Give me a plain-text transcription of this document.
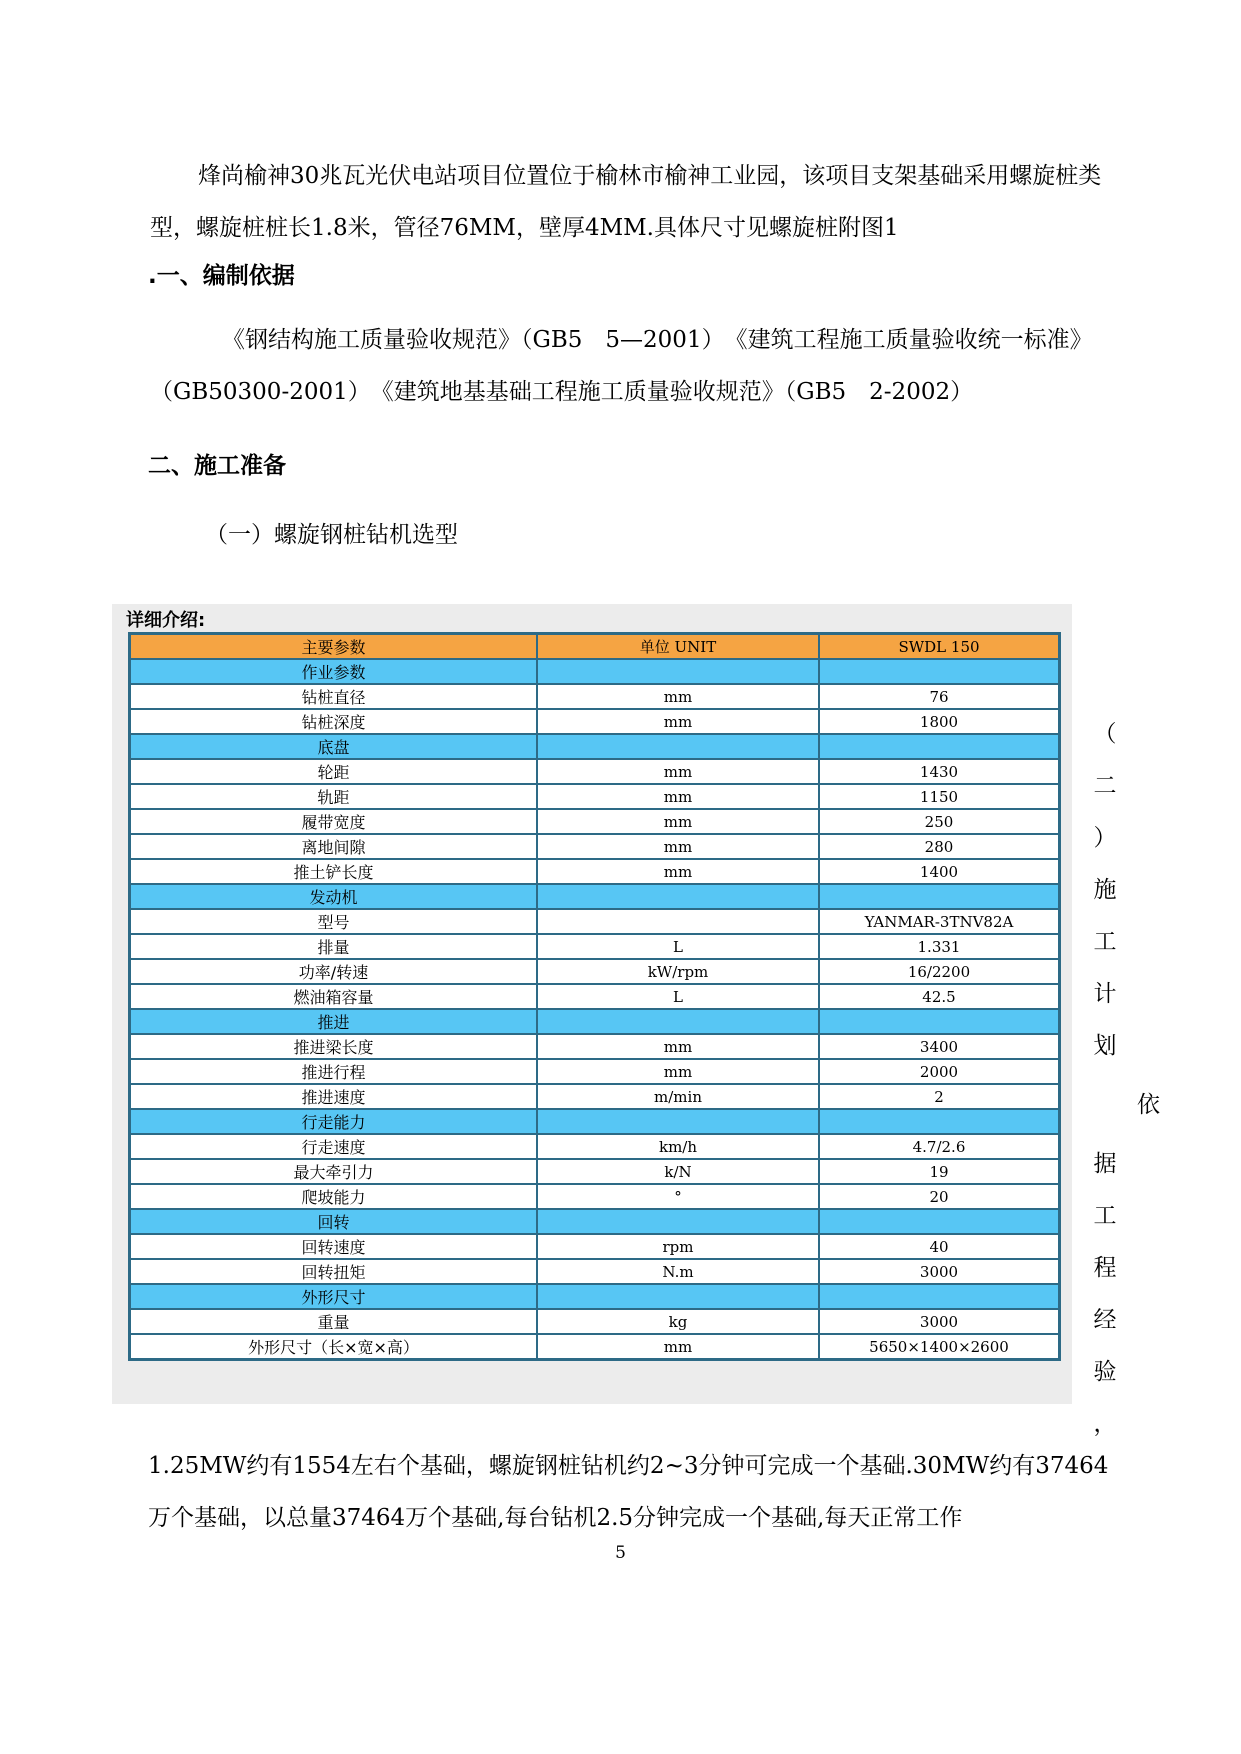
烽尚榆神30兆瓦光伏电站项目位置位于榆林市榆神工业园，该项目支架基础采用螺旋桩类型，螺旋桩桩长1.8米，管径76MM，壁厚4MM.具体尺寸见螺旋桩附图1

.一、编制依据

《钢结构施工质量验收规范》（GB5　5—2001）　《建筑工程施工质量验收统一标准》（GB50300-2001）　《建筑地基基础工程施工质量验收规范》（GB5　2-2002）

二、施工准备

（一）螺旋钢桩钻机选型

详细介绍:
主要参数	单位 UNIT	SWDL 150
作业参数		
钻桩直径	mm	76
钻桩深度	mm	1800
底盘		
轮距	mm	1430
轨距	mm	1150
履带宽度	mm	250
离地间隙	mm	280
推土铲长度	mm	1400
发动机		
型号		YANMAR-3TNV82A
排量	L	1.331
功率/转速	kW/rpm	16/2200
燃油箱容量	L	42.5
推进		
推进梁长度	mm	3400
推进行程	mm	2000
推进速度	m/min	2
行走能力		
行走速度	km/h	4.7/2.6
最大牵引力	k/N	19
爬坡能力	°	20
回转		
回转速度	rpm	40
回转扭矩	N.m	3000
外形尺寸		
重量	kg	3000
外形尺寸（长×宽×高）	mm	5650×1400×2600
（
二
）
施
工
计
划
依
据
工
程
经
验
，

1.25MW约有1554左右个基础，螺旋钢桩钻机约2~3分钟可完成一个基础.30MW约有37464万个基础，以总量37464万个基础,每台钻机2.5分钟完成一个基础,每天正常工作

5
